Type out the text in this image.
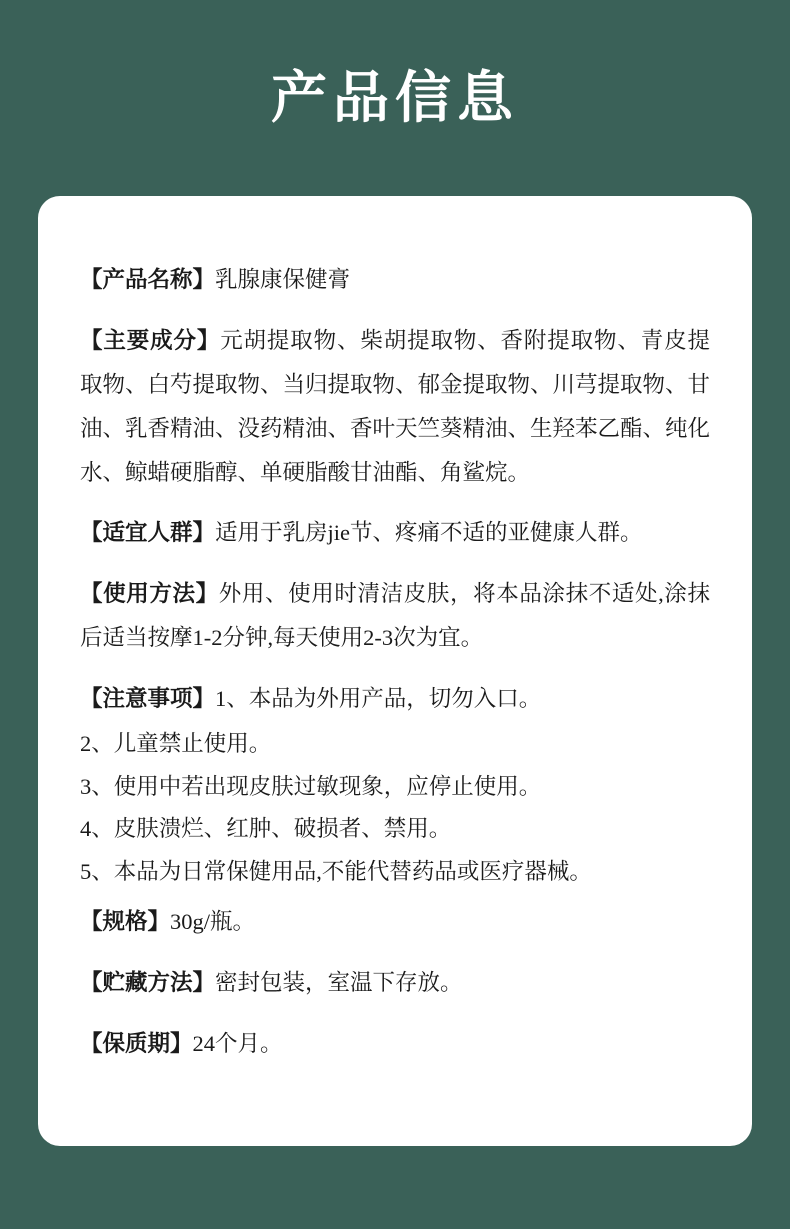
产品信息

【产品名称】乳腺康保健膏

【主要成分】元胡提取物、柴胡提取物、香附提取物、青皮提取物、白芍提取物、当归提取物、郁金提取物、川芎提取物、甘油、乳香精油、没药精油、香叶天竺葵精油、生羟苯乙酯、纯化水、鲸蜡硬脂醇、单硬脂酸甘油酯、角鲨烷。

【适宜人群】适用于乳房jie节、疼痛不适的亚健康人群。

【使用方法】外用、使用时清洁皮肤，将本品涂抹不适处,涂抹后适当按摩1-2分钟,每天使用2-3次为宜。

【注意事项】1、本品为外用产品，切勿入口。

2、儿童禁止使用。

3、使用中若出现皮肤过敏现象，应停止使用。

4、皮肤溃烂、红肿、破损者、禁用。

5、本品为日常保健用品,不能代替药品或医疗器械。

【规格】30g/瓶。

【贮藏方法】密封包装，室温下存放。

【保质期】24个月。
